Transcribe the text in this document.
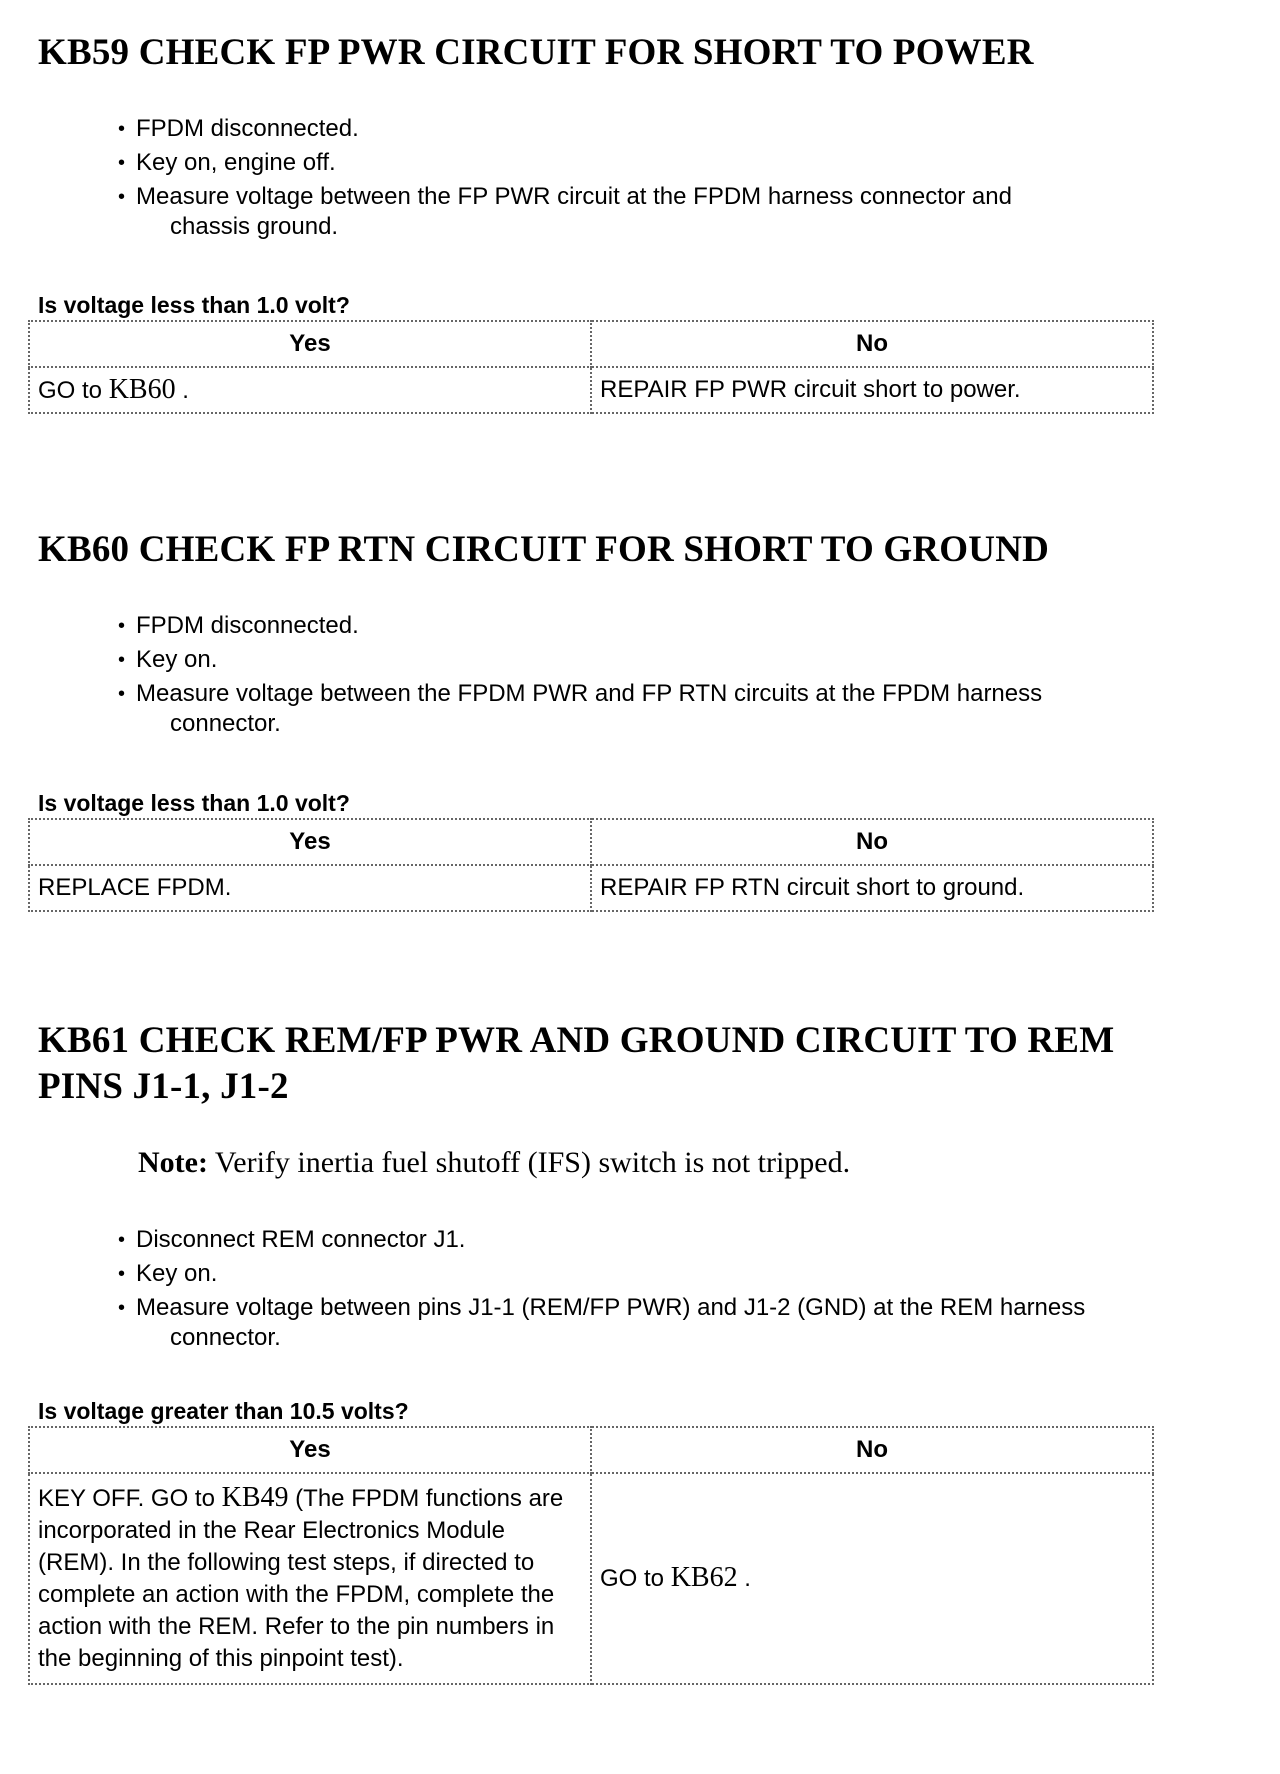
KB59 CHECK FP PWR CIRCUIT FOR SHORT TO POWER
• FPDM disconnected.
• Key on, engine off.
• Measure voltage between the FP PWR circuit at the FPDM harness connector and
chassis ground.
Is voltage less than 1.0 volt?
Yes	No
GO to KB60 .	REPAIR FP PWR circuit short to power.
KB60 CHECK FP RTN CIRCUIT FOR SHORT TO GROUND
• FPDM disconnected.
• Key on.
• Measure voltage between the FPDM PWR and FP RTN circuits at the FPDM harness
connector.
Is voltage less than 1.0 volt?
Yes	No
REPLACE FPDM.	REPAIR FP RTN circuit short to ground.
KB61 CHECK REM/FP PWR AND GROUND CIRCUIT TO REM
PINS J1-1, J1-2
Note: Verify inertia fuel shutoff (IFS) switch is not tripped.
• Disconnect REM connector J1.
• Key on.
• Measure voltage between pins J1-1 (REM/FP PWR) and J1-2 (GND) at the REM harness
connector.
Is voltage greater than 10.5 volts?
Yes	No
KEY OFF. GO to KB49 (The FPDM functions are incorporated in the Rear Electronics Module (REM). In the following test steps, if directed to complete an action with the FPDM, complete the action with the REM. Refer to the pin numbers in the beginning of this pinpoint test).	GO to KB62 .
